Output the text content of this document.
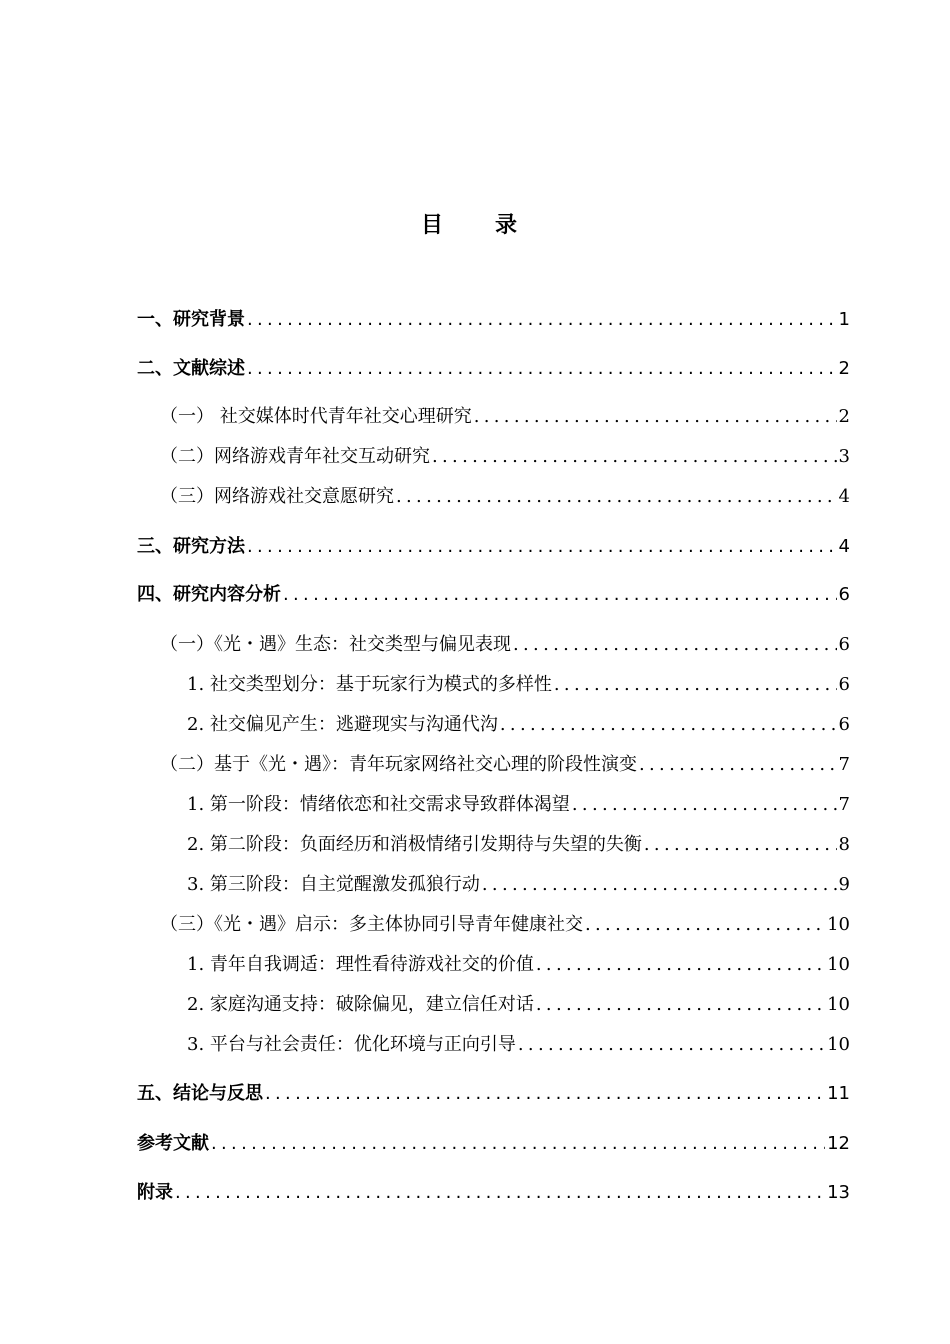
目录
一、研究背景 .....	1
二、文献综述 .....	2
（一） 社交媒体时代青年社交心理研究 .....	2
（二）网络游戏青年社交互动研究 .....	3
（三）网络游戏社交意愿研究 .....	4
三、研究方法 .....	4
四、研究内容分析 .....	6
（一）《光・遇》生态：社交类型与偏见表现 .....	6
1. 社交类型划分：基于玩家行为模式的多样性 .....	6
2. 社交偏见产生：逃避现实与沟通代沟 .....	6
（二）基于《光・遇》：青年玩家网络社交心理的阶段性演变 .....	7
1. 第一阶段：情绪依恋和社交需求导致群体渴望 .....	7
2. 第二阶段：负面经历和消极情绪引发期待与失望的失衡 .....	8
3. 第三阶段：自主觉醒激发孤狼行动 .....	9
（三）《光・遇》启示：多主体协同引导青年健康社交 .....	10
1. 青年自我调适：理性看待游戏社交的价值 .....	10
2. 家庭沟通支持：破除偏见，建立信任对话 .....	10
3. 平台与社会责任：优化环境与正向引导 .....	10
五、结论与反思 .....	11
参考文献 .....	12
附录 .....	13
